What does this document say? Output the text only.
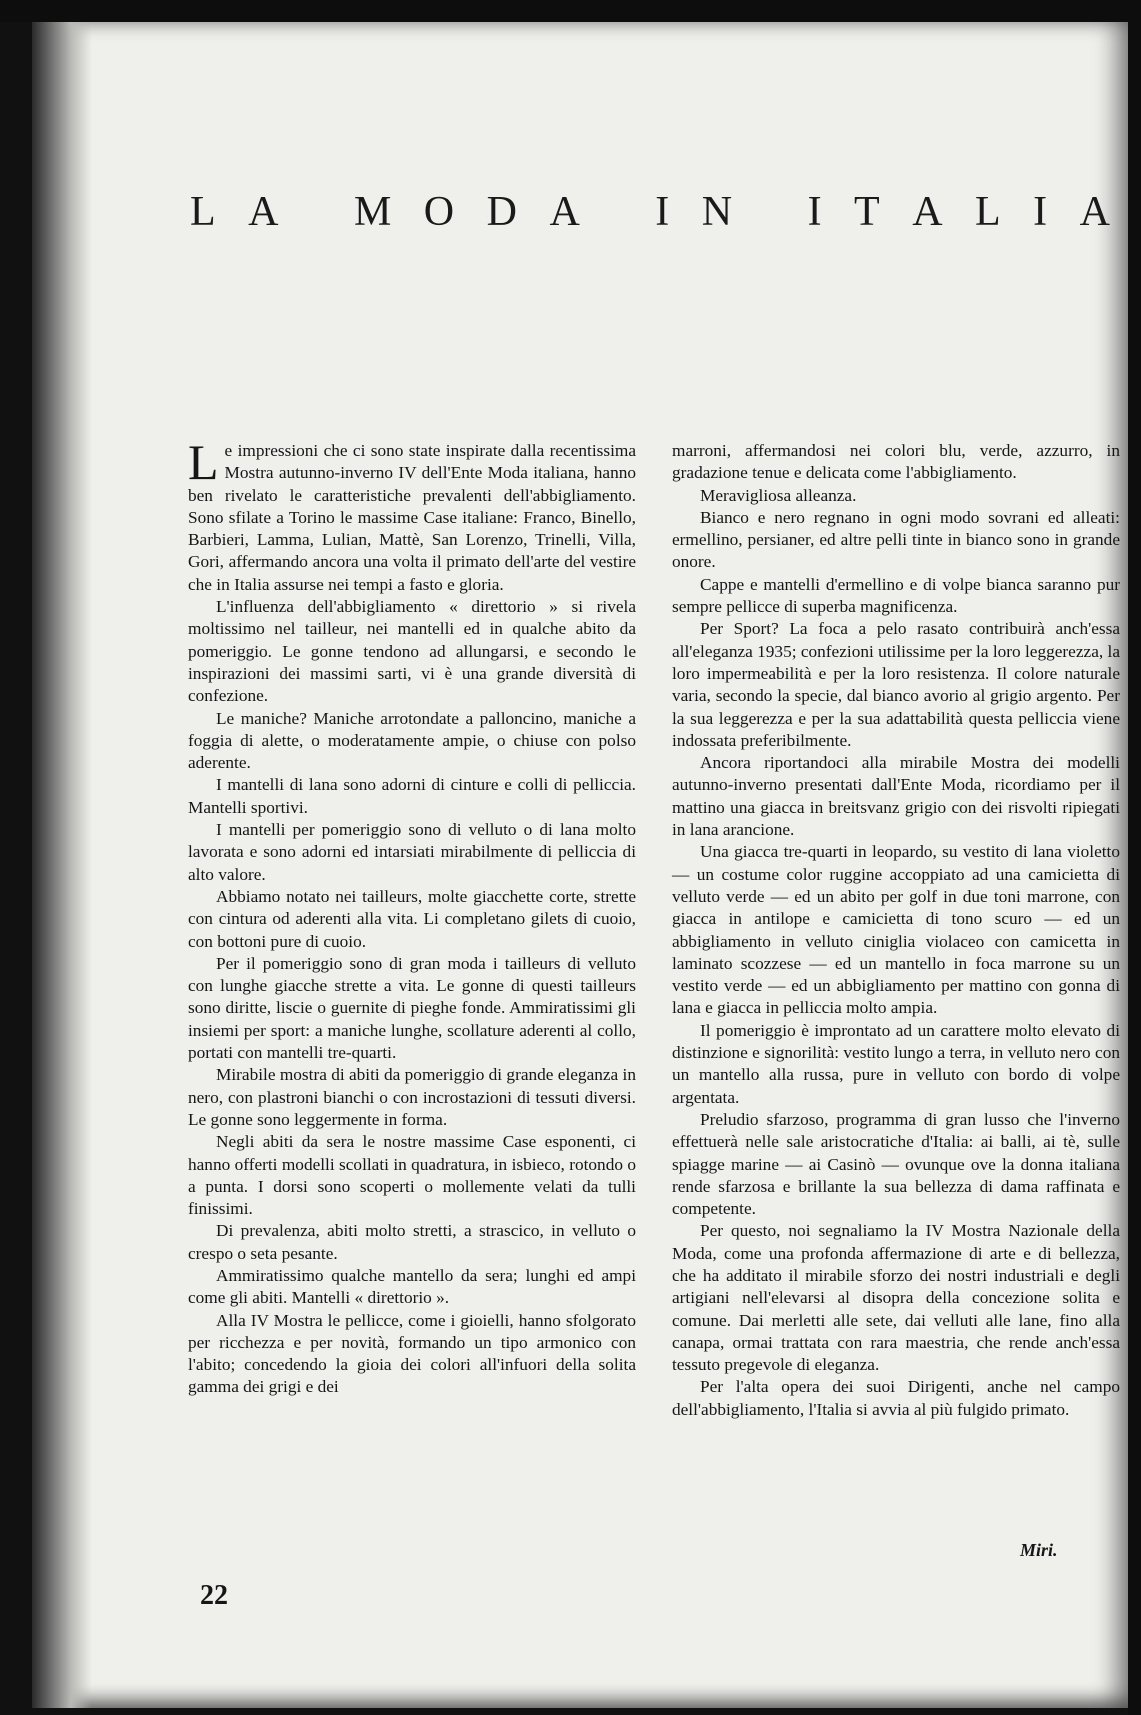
L A
M O D A
I N
I T A L I A

Le impressioni che ci sono state inspirate dalla recentissima Mostra autunno-inverno IV dell'Ente Moda italiana, hanno ben rivelato le caratteristiche prevalenti dell'abbigliamento. Sono sfilate a Torino le massime Case italiane: Franco, Binello, Barbieri, Lamma, Lulian, Mattè, San Lorenzo, Trinelli, Villa, Gori, affermando ancora una volta il primato dell'arte del vestire che in Italia assurse nei tempi a fasto e gloria.

L'influenza dell'abbigliamento « direttorio » si rivela moltissimo nel tailleur, nei mantelli ed in qualche abito da pomeriggio. Le gonne tendono ad allungarsi, e secondo le inspirazioni dei massimi sarti, vi è una grande diversità di confezione.

Le maniche? Maniche arrotondate a palloncino, maniche a foggia di alette, o moderatamente ampie, o chiuse con polso aderente.

I mantelli di lana sono adorni di cinture e colli di pelliccia. Mantelli sportivi.

I mantelli per pomeriggio sono di velluto o di lana molto lavorata e sono adorni ed intarsiati mirabilmente di pelliccia di alto valore.

Abbiamo notato nei tailleurs, molte giacchette corte, strette con cintura od aderenti alla vita. Li completano gilets di cuoio, con bottoni pure di cuoio.

Per il pomeriggio sono di gran moda i tailleurs di velluto con lunghe giacche strette a vita. Le gonne di questi tailleurs sono diritte, liscie o guernite di pieghe fonde. Ammiratissimi gli insiemi per sport: a maniche lunghe, scollature aderenti al collo, portati con mantelli tre-quarti.

Mirabile mostra di abiti da pomeriggio di grande eleganza in nero, con plastroni bianchi o con incrostazioni di tessuti diversi. Le gonne sono leggermente in forma.

Negli abiti da sera le nostre massime Case esponenti, ci hanno offerti modelli scollati in quadratura, in isbieco, rotondo o a punta. I dorsi sono scoperti o mollemente velati da tulli finissimi.

Di prevalenza, abiti molto stretti, a strascico, in velluto o crespo o seta pesante.

Ammiratissimo qualche mantello da sera; lunghi ed ampi come gli abiti. Mantelli « direttorio ».

Alla IV Mostra le pellicce, come i gioielli, hanno sfolgorato per ricchezza e per novità, formando un tipo armonico con l'abito; concedendo la gioia dei colori all'infuori della solita gamma dei grigi e dei

marroni, affermandosi nei colori blu, verde, azzurro, in gradazione tenue e delicata come l'abbigliamento.

Meravigliosa alleanza.

Bianco e nero regnano in ogni modo sovrani ed alleati: ermellino, persianer, ed altre pelli tinte in bianco sono in grande onore.

Cappe e mantelli d'ermellino e di volpe bianca saranno pur sempre pellicce di superba magnificenza.

Per Sport? La foca a pelo rasato contribuirà anch'essa all'eleganza 1935; confezioni utilissime per la loro leggerezza, la loro impermeabilità e per la loro resistenza. Il colore naturale varia, secondo la specie, dal bianco avorio al grigio argento. Per la sua leggerezza e per la sua adattabilità questa pelliccia viene indossata preferibilmente.

Ancora riportandoci alla mirabile Mostra dei modelli autunno-inverno presentati dall'Ente Moda, ricordiamo per il mattino una giacca in breitsvanz grigio con dei risvolti ripiegati in lana arancione.

Una giacca tre-quarti in leopardo, su vestito di lana violetto — un costume color ruggine accoppiato ad una camicietta di velluto verde — ed un abito per golf in due toni marrone, con giacca in antilope e camicietta di tono scuro — ed un abbigliamento in velluto ciniglia violaceo con camicetta in laminato scozzese — ed un mantello in foca marrone su un vestito verde — ed un abbigliamento per mattino con gonna di lana e giacca in pelliccia molto ampia.

Il pomeriggio è improntato ad un carattere molto elevato di distinzione e signorilità: vestito lungo a terra, in velluto nero con un mantello alla russa, pure in velluto con bordo di volpe argentata.

Preludio sfarzoso, programma di gran lusso che l'inverno effettuerà nelle sale aristocratiche d'Italia: ai balli, ai tè, sulle spiagge marine — ai Casinò — ovunque ove la donna italiana rende sfarzosa e brillante la sua bellezza di dama raffinata e competente.

Per questo, noi segnaliamo la IV Mostra Nazionale della Moda, come una profonda affermazione di arte e di bellezza, che ha additato il mirabile sforzo dei nostri industriali e degli artigiani nell'elevarsi al disopra della concezione solita e comune. Dai merletti alle sete, dai velluti alle lane, fino alla canapa, ormai trattata con rara maestria, che rende anch'essa tessuto pregevole di eleganza.

Per l'alta opera dei suoi Dirigenti, anche nel campo dell'abbigliamento, l'Italia si avvia al più fulgido primato.

Miri.
22
